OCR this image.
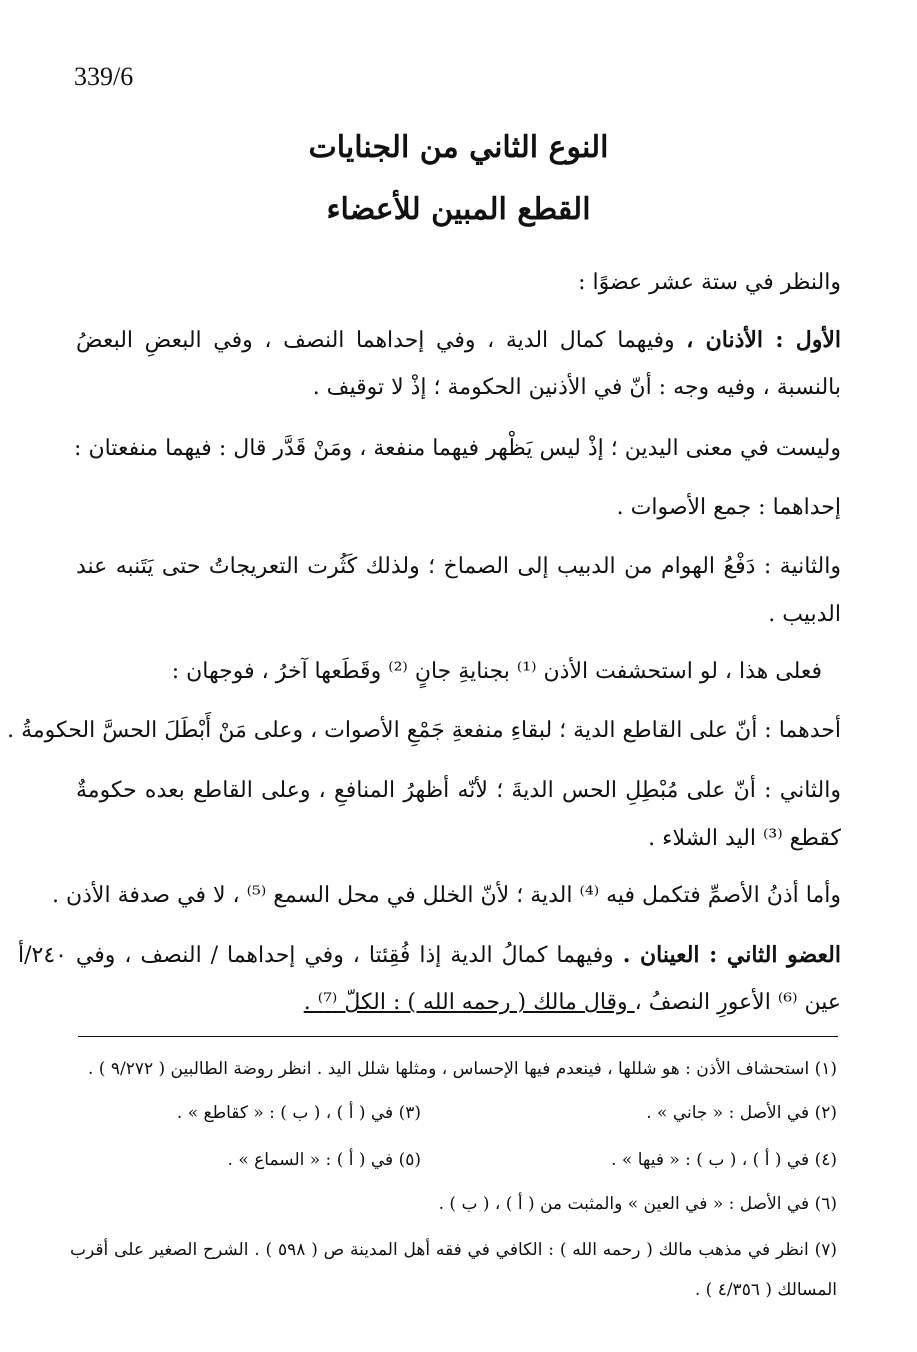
339/6
النوع الثاني من الجنايات
القطع المبين للأعضاء
والنظر في ستة عشر عضوًا :
الأول : الأذنان ، وفيهما كمال الدية ، وفي إحداهما النصف ، وفي البعضِ البعضُ
بالنسبة ، وفيه وجه : أنّ في الأذنين الحكومة ؛ إذْ لا توقيف .
وليست في معنى اليدين ؛ إذْ ليس يَظْهر فيهما منفعة ، ومَنْ قَدَّر قال : فيهما منفعتان :
إحداهما : جمع الأصوات .
والثانية : دَفْعُ الهوام من الدبيب إلى الصماخ ؛ ولذلك كَثُرت التعريجاتُ حتى يَتَنبه عند
الدبيب .
فعلى هذا ، لو استحشفت الأذن ⁽¹⁾ بجنايةِ جانٍ ⁽²⁾ وقَطَعها آخرُ ، فوجهان :
أحدهما : أنّ على القاطع الدية ؛ لبقاءِ منفعةِ جَمْعِ الأصوات ، وعلى مَنْ أَبْطَلَ الحسَّ الحكومةُ .
والثاني : أنّ على مُبْطِلِ الحس الديةَ ؛ لأنّه أظهرُ المنافعِ ، وعلى القاطع بعده حكومةٌ
كقطع ⁽³⁾ اليد الشلاء .
وأما أذنُ الأصمِّ فتكمل فيه ⁽⁴⁾ الدية ؛ لأنّ الخلل في محل السمع ⁽⁵⁾ ، لا في صدفة الأذن .
العضو الثاني : العينان . وفيهما كمالُ الدية إذا فُقِئتا ، وفي إحداهما / النصف ، وفي ٢٤٠/أ
عين ⁽⁶⁾ الأعورِ النصفُ ، وقال مالك ( رحمه الله ) : الكلّ ⁽⁷⁾ .
(١) استحشاف الأذن : هو شللها ، فينعدم فيها الإحساس ، ومثلها شلل اليد . انظر روضة الطالبين ( ٩/٢٧٢ ) .
(٢) في الأصل : « جاني » .
(٣) في ( أ ) ، ( ب ) : « كقاطع » .
(٤) في ( أ ) ، ( ب ) : « فيها » .
(٥) في ( أ ) : « السماع » .
(٦) في الأصل : « في العين » والمثبت من ( أ ) ، ( ب ) .
(٧) انظر في مذهب مالك ( رحمه الله ) : الكافي في فقه أهل المدينة ص ( ٥٩٨ ) . الشرح الصغير على أقرب
المسالك ( ٤/٣٥٦ ) .
